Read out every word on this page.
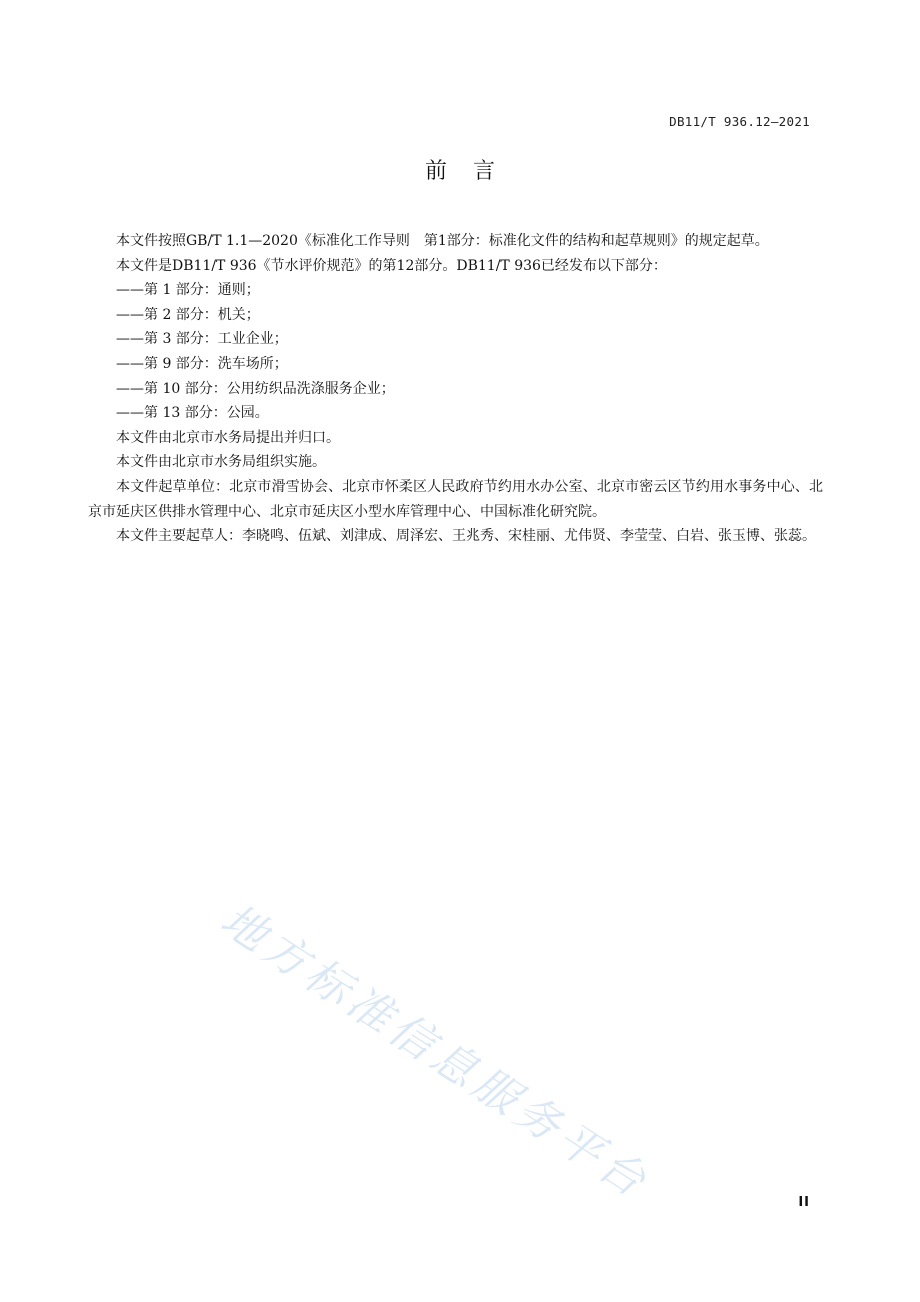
DB11/T 936.12—2021
前言

本文件按照GB/T 1.1—2020《标准化工作导则　第1部分：标准化文件的结构和起草规则》的规定起草。

本文件是DB11/T 936《节水评价规范》的第12部分。DB11/T 936已经发布以下部分：

——第 1 部分：通则；

——第 2 部分：机关；

——第 3 部分：工业企业；

——第 9 部分：洗车场所；

——第 10 部分：公用纺织品洗涤服务企业；

——第 13 部分：公园。

本文件由北京市水务局提出并归口。

本文件由北京市水务局组织实施。

本文件起草单位：北京市滑雪协会、北京市怀柔区人民政府节约用水办公室、北京市密云区节约用水事务中心、北京市延庆区供排水管理中心、北京市延庆区小型水库管理中心、中国标准化研究院。

本文件主要起草人：李晓鸣、伍斌、刘津成、周泽宏、王兆秀、宋桂丽、尤伟贤、李莹莹、白岩、张玉博、张蕊。

地方标准信息服务平台	II
